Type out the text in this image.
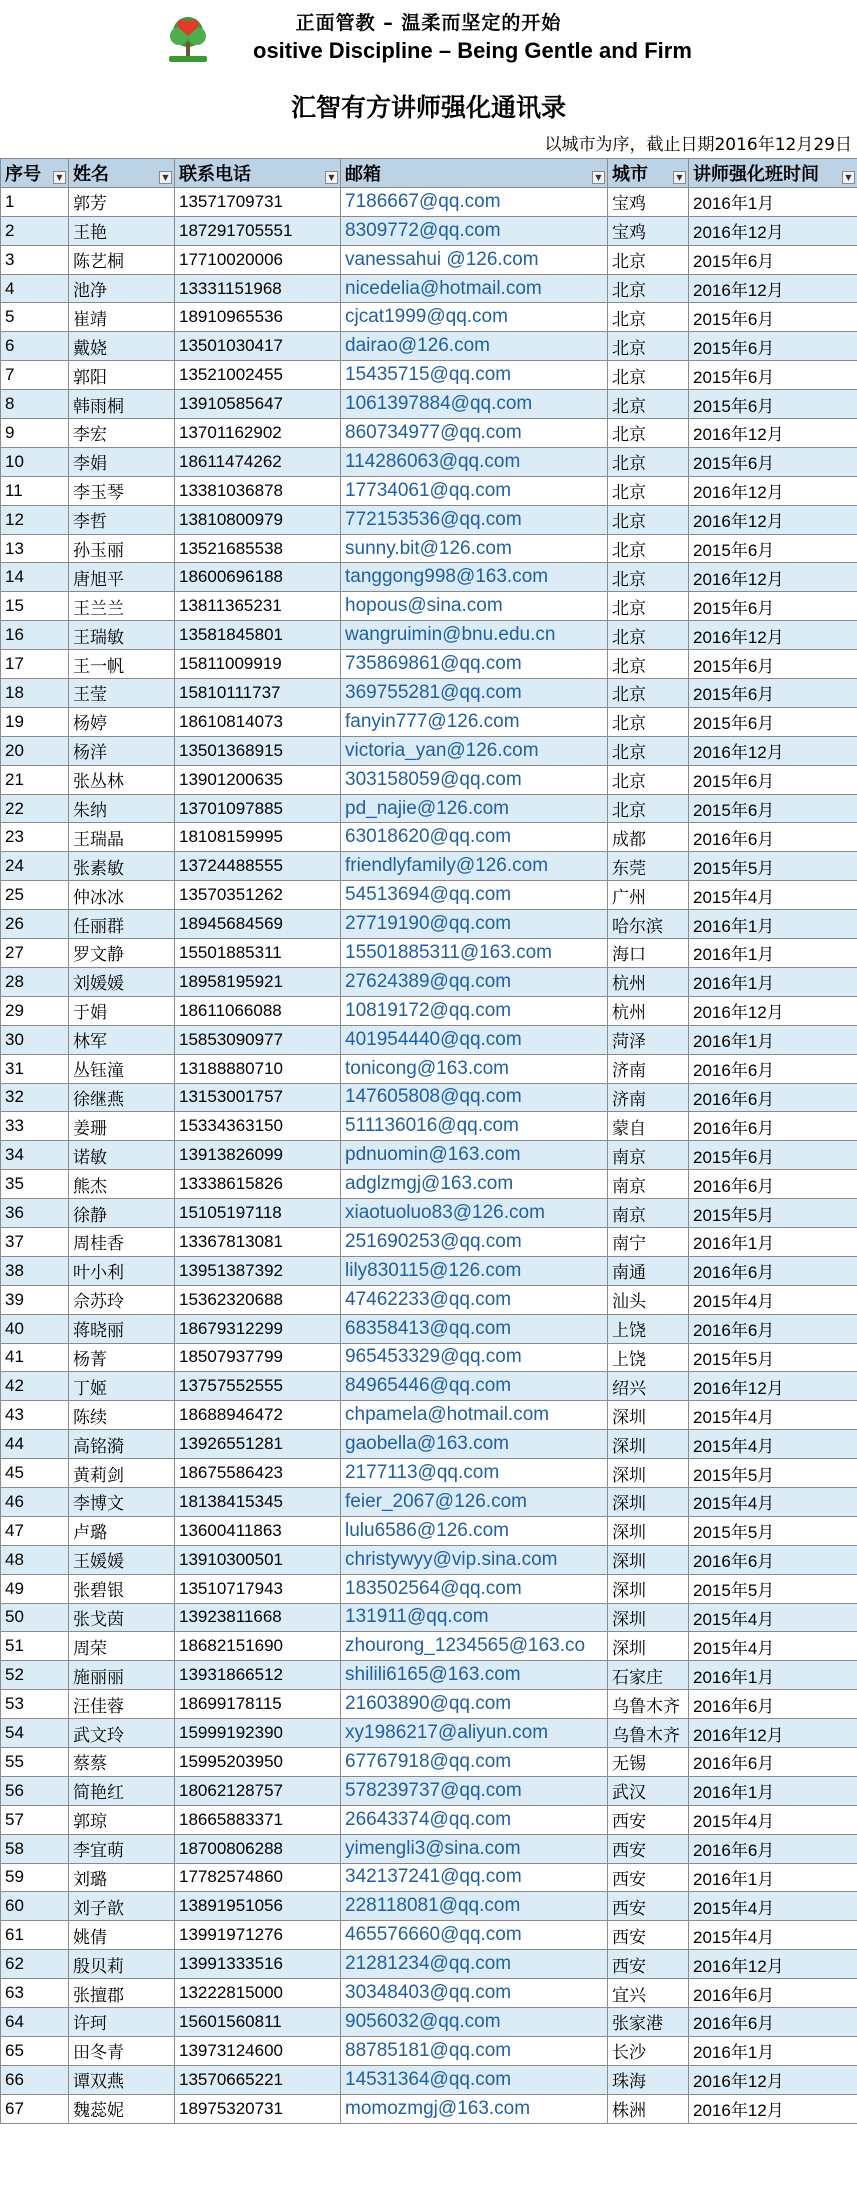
正面管教 – 温柔而坚定的开始
ositive Discipline – Being Gentle and Firm
汇智有方讲师强化通讯录
以城市为序，截止日期2016年12月29日
序号 ▼	姓名 ▼	联系电话 ▼	邮箱 ▼	城市 ▼	讲师强化班时间 ▼

1	郭芳	13571709731	7186667@qq.com	宝鸡	2016年1月
2	王艳	187291705551	8309772@qq.com	宝鸡	2016年12月
3	陈艺桐	17710020006	vanessahui @126.com	北京	2015年6月
4	池净	13331151968	nicedelia@hotmail.com	北京	2016年12月
5	崔靖	18910965536	cjcat1999@qq.com	北京	2015年6月
6	戴娆	13501030417	dairao@126.com	北京	2015年6月
7	郭阳	13521002455	15435715@qq.com	北京	2015年6月
8	韩雨桐	13910585647	1061397884@qq.com	北京	2015年6月
9	李宏	13701162902	860734977@qq.com	北京	2016年12月
10	李娟	18611474262	114286063@qq.com	北京	2015年6月
11	李玉琴	13381036878	17734061@qq.com	北京	2016年12月
12	李哲	13810800979	772153536@qq.com	北京	2016年12月
13	孙玉丽	13521685538	sunny.bit@126.com	北京	2015年6月
14	唐旭平	18600696188	tanggong998@163.com	北京	2016年12月
15	王兰兰	13811365231	hopous@sina.com	北京	2015年6月
16	王瑞敏	13581845801	wangruimin@bnu.edu.cn	北京	2016年12月
17	王一帆	15811009919	735869861@qq.com	北京	2015年6月
18	王莹	15810111737	369755281@qq.com	北京	2015年6月
19	杨婷	18610814073	fanyin777@126.com	北京	2015年6月
20	杨洋	13501368915	victoria_yan@126.com	北京	2016年12月
21	张丛林	13901200635	303158059@qq.com	北京	2015年6月
22	朱纳	13701097885	pd_najie@126.com	北京	2015年6月
23	王瑞晶	18108159995	63018620@qq.com	成都	2016年6月
24	张素敏	13724488555	friendlyfamily@126.com	东莞	2015年5月
25	仲冰冰	13570351262	54513694@qq.com	广州	2015年4月
26	任丽群	18945684569	27719190@qq.com	哈尔滨	2016年1月
27	罗文静	15501885311	15501885311@163.com	海口	2016年1月
28	刘媛媛	18958195921	27624389@qq.com	杭州	2016年1月
29	于娟	18611066088	10819172@qq.com	杭州	2016年12月
30	林军	15853090977	401954440@qq.com	菏泽	2016年1月
31	丛钰潼	13188880710	tonicong@163.com	济南	2016年6月
32	徐继燕	13153001757	147605808@qq.com	济南	2016年6月
33	姜珊	15334363150	511136016@qq.com	蒙自	2016年6月
34	诺敏	13913826099	pdnuomin@163.com	南京	2015年6月
35	熊杰	13338615826	adglzmgj@163.com	南京	2016年6月
36	徐静	15105197118	xiaotuoluo83@126.com	南京	2015年5月
37	周桂香	13367813081	251690253@qq.com	南宁	2016年1月
38	叶小利	13951387392	lily830115@126.com	南通	2016年6月
39	佘苏玲	15362320688	47462233@qq.com	汕头	2015年4月
40	蒋晓丽	18679312299	68358413@qq.com	上饶	2016年6月
41	杨菁	18507937799	965453329@qq.com	上饶	2015年5月
42	丁姬	13757552555	84965446@qq.com	绍兴	2016年12月
43	陈续	18688946472	chpamela@hotmail.com	深圳	2015年4月
44	高铭漪	13926551281	gaobella@163.com	深圳	2015年4月
45	黄莉剑	18675586423	2177113@qq.com	深圳	2015年5月
46	李博文	18138415345	feier_2067@126.com	深圳	2015年4月
47	卢璐	13600411863	lulu6586@126.com	深圳	2015年5月
48	王媛媛	13910300501	christywyy@vip.sina.com	深圳	2016年6月
49	张碧银	13510717943	183502564@qq.com	深圳	2015年5月
50	张戈茵	13923811668	131911@qq.com	深圳	2015年4月
51	周荣	18682151690	zhourong_1234565@163.co	深圳	2015年4月
52	施丽丽	13931866512	shilili6165@163.com	石家庄	2016年1月
53	汪佳蓉	18699178115	21603890@qq.com	乌鲁木齐	2016年6月
54	武文玲	15999192390	xy1986217@aliyun.com	乌鲁木齐	2016年12月
55	蔡蔡	15995203950	67767918@qq.com	无锡	2016年6月
56	简艳红	18062128757	578239737@qq.com	武汉	2016年1月
57	郭琼	18665883371	26643374@qq.com	西安	2015年4月
58	李宜萌	18700806288	yimengli3@sina.com	西安	2016年6月
59	刘璐	17782574860	342137241@qq.com	西安	2016年1月
60	刘子歆	13891951056	228118081@qq.com	西安	2015年4月
61	姚倩	13991971276	465576660@qq.com	西安	2015年4月
62	殷贝莉	13991333516	21281234@qq.com	西安	2016年12月
63	张擅郡	13222815000	30348403@qq.com	宜兴	2016年6月
64	许珂	15601560811	9056032@qq.com	张家港	2016年6月
65	田冬青	13973124600	88785181@qq.com	长沙	2016年1月
66	谭双燕	13570665221	14531364@qq.com	珠海	2016年12月
67	魏蕊妮	18975320731	momozmgj@163.com	株洲	2016年12月
